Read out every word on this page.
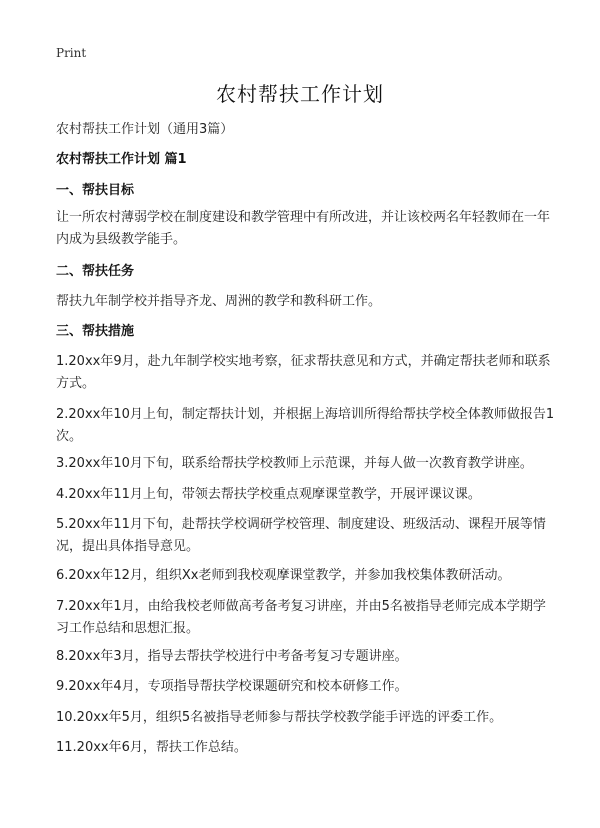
Print
农村帮扶工作计划
农村帮扶工作计划（通用3篇）
农村帮扶工作计划 篇1
一、帮扶目标
让一所农村薄弱学校在制度建设和教学管理中有所改进，并让该校两名年轻教师在一年内成为县级教学能手。
二、帮扶任务
帮扶九年制学校并指导齐龙、周洲的教学和教科研工作。
三、帮扶措施
1.20xx年9月，赴九年制学校实地考察，征求帮扶意见和方式，并确定帮扶老师和联系方式。
2.20xx年10月上旬，制定帮扶计划，并根据上海培训所得给帮扶学校全体教师做报告1次。
3.20xx年10月下旬，联系给帮扶学校教师上示范课，并每人做一次教育教学讲座。
4.20xx年11月上旬，带领去帮扶学校重点观摩课堂教学，开展评课议课。
5.20xx年11月下旬，赴帮扶学校调研学校管理、制度建设、班级活动、课程开展等情况，提出具体指导意见。
6.20xx年12月，组织Xx老师到我校观摩课堂教学，并参加我校集体教研活动。
7.20xx年1月，由给我校老师做高考备考复习讲座，并由5名被指导老师完成本学期学习工作总结和思想汇报。
8.20xx年3月，指导去帮扶学校进行中考备考复习专题讲座。
9.20xx年4月，专项指导帮扶学校课题研究和校本研修工作。
10.20xx年5月，组织5名被指导老师参与帮扶学校教学能手评选的评委工作。
11.20xx年6月，帮扶工作总结。
